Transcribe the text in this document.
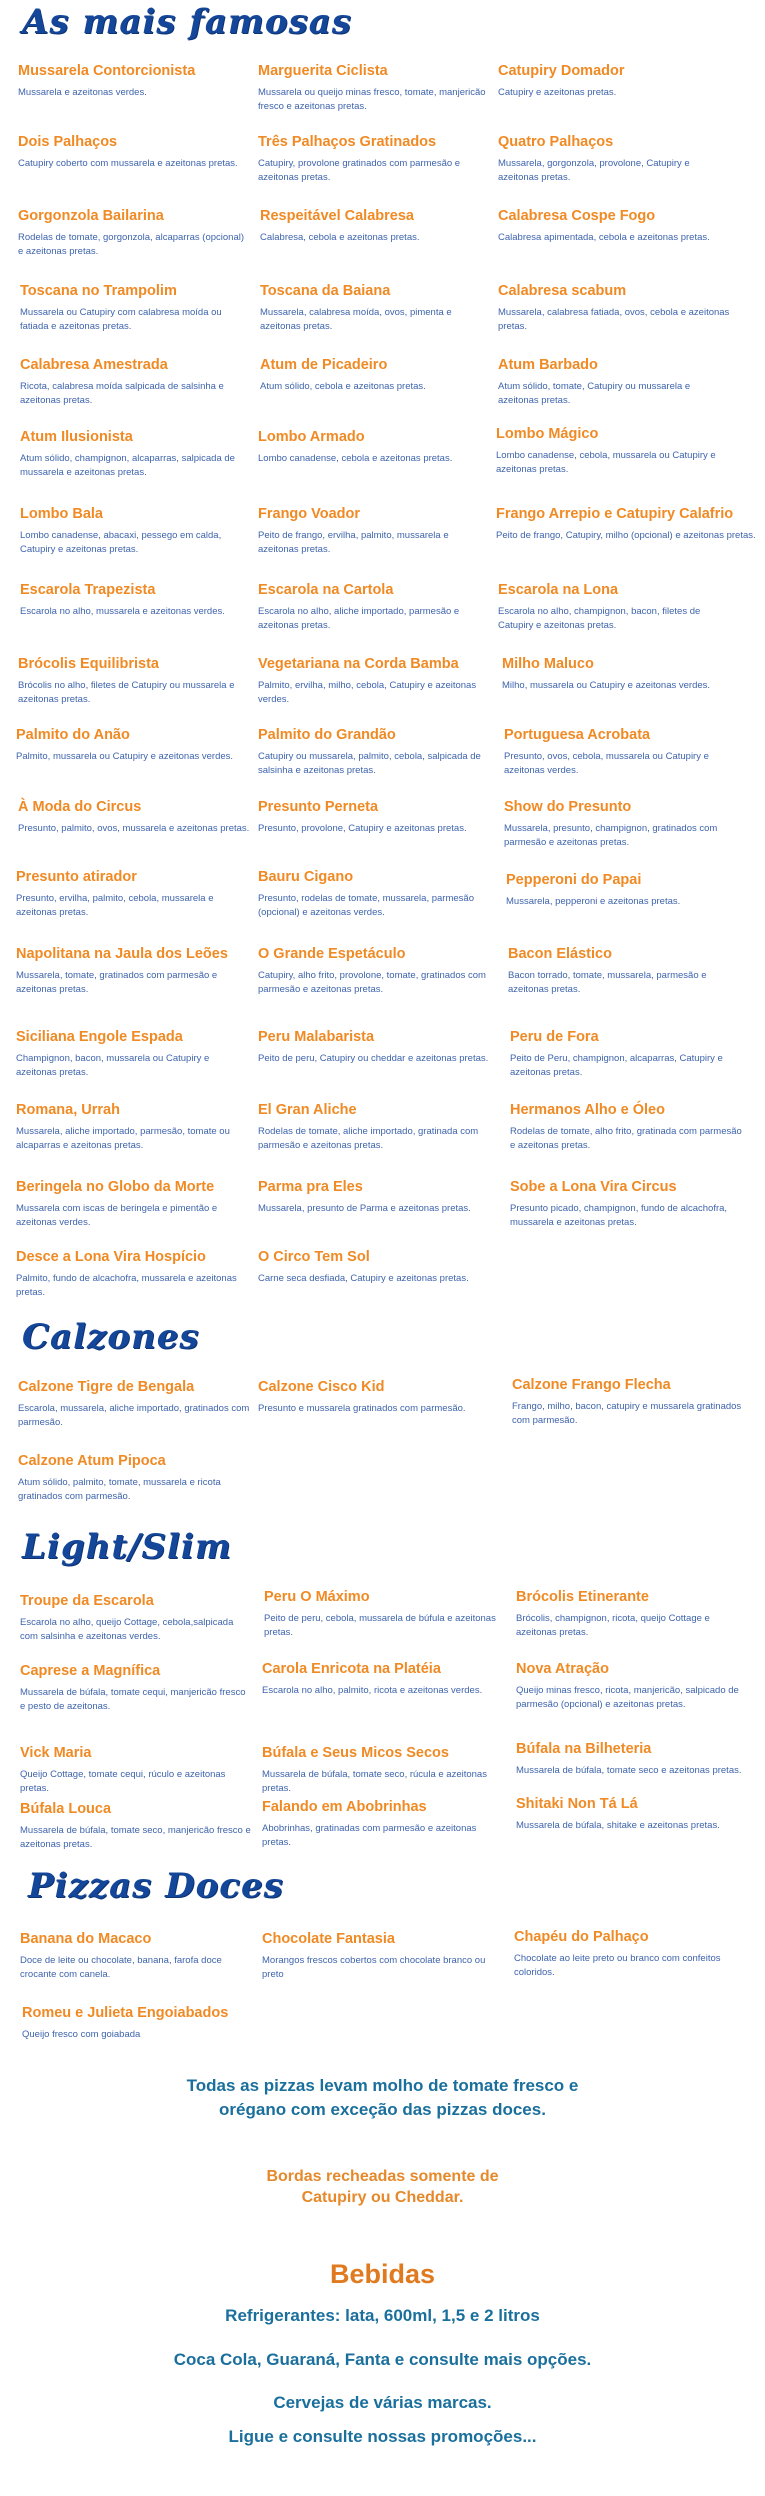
As mais famosas
Mussarela Contorcionista
Mussarela e azeitonas verdes.
Marguerita Ciclista
Mussarela ou queijo minas fresco, tomate, manjericão fresco e azeitonas pretas.
Catupiry Domador
Catupiry e azeitonas pretas.
Dois Palhaços
Catupiry coberto com mussarela e azeitonas pretas.
Três Palhaços Gratinados
Catupiry, provolone gratinados com parmesão e azeitonas pretas.
Quatro Palhaços
Mussarela, gorgonzola, provolone, Catupiry e azeitonas pretas.
Gorgonzola Bailarina
Rodelas de tomate, gorgonzola, alcaparras (opcional) e azeitonas pretas.
Respeitável Calabresa
Calabresa, cebola e azeitonas pretas.
Calabresa Cospe Fogo
Calabresa apimentada, cebola e azeitonas pretas.
Toscana no Trampolim
Mussarela ou Catupiry com calabresa moída ou fatiada e azeitonas pretas.
Toscana da Baiana
Mussarela, calabresa moída, ovos, pimenta e azeitonas pretas.
Calabresa scabum
Mussarela, calabresa fatiada, ovos, cebola e azeitonas pretas.
Calabresa Amestrada
Ricota, calabresa moída salpicada de salsinha e azeitonas pretas.
Atum de Picadeiro
Atum sólido, cebola e azeitonas pretas.
Atum Barbado
Atum sólido, tomate, Catupiry ou mussarela e azeitonas pretas.
Atum Ilusionista
Atum sólido, champignon, alcaparras, salpicada de mussarela e azeitonas pretas.
Lombo Armado
Lombo canadense, cebola e azeitonas pretas.
Lombo Mágico
Lombo canadense, cebola, mussarela ou Catupiry e azeitonas pretas.
Lombo Bala
Lombo canadense, abacaxi, pessego em calda, Catupiry e azeitonas pretas.
Frango Voador
Peito de frango, ervilha, palmito, mussarela e azeitonas pretas.
Frango Arrepio e Catupiry Calafrio
Peito de frango, Catupiry, milho (opcional) e azeitonas pretas.
Escarola Trapezista
Escarola no alho, mussarela e azeitonas verdes.
Escarola na Cartola
Escarola no alho, aliche importado, parmesão e azeitonas pretas.
Escarola na Lona
Escarola no alho, champignon, bacon, filetes de Catupiry e azeitonas pretas.
Brócolis Equilibrista
Brócolis no alho, filetes de Catupiry ou mussarela e azeitonas pretas.
Vegetariana na Corda Bamba
Palmito, ervilha, milho, cebola, Catupiry e azeitonas verdes.
Milho Maluco
Milho, mussarela ou Catupiry e azeitonas verdes.
Palmito do Anão
Palmito, mussarela ou Catupiry e azeitonas verdes.
Palmito do Grandão
Catupiry ou mussarela, palmito, cebola, salpicada de salsinha e azeitonas pretas.
Portuguesa Acrobata
Presunto, ovos, cebola, mussarela ou Catupiry e azeitonas verdes.
À Moda do Circus
Presunto, palmito, ovos, mussarela e azeitonas pretas.
Presunto Perneta
Presunto, provolone, Catupiry e azeitonas pretas.
Show do Presunto
Mussarela, presunto, champignon, gratinados com parmesão e azeitonas pretas.
Presunto atirador
Presunto, ervilha, palmito, cebola, mussarela e azeitonas pretas.
Bauru Cigano
Presunto, rodelas de tomate, mussarela, parmesão (opcional) e azeitonas verdes.
Pepperoni do Papai
Mussarela, pepperoni e azeitonas pretas.
Napolitana na Jaula dos Leões
Mussarela, tomate, gratinados com parmesão e azeitonas pretas.
O Grande Espetáculo
Catupiry, alho frito, provolone, tomate, gratinados com parmesão e azeitonas pretas.
Bacon Elástico
Bacon torrado, tomate, mussarela, parmesão e azeitonas pretas.
Siciliana Engole Espada
Champignon, bacon, mussarela ou Catupiry e azeitonas pretas.
Peru Malabarista
Peito de peru, Catupiry ou cheddar e azeitonas pretas.
Peru de Fora
Peito de Peru, champignon, alcaparras, Catupiry e azeitonas pretas.
Romana, Urrah
Mussarela, aliche importado, parmesão, tomate ou alcaparras e azeitonas pretas.
El Gran Aliche
Rodelas de tomate, aliche importado, gratinada com parmesão e azeitonas pretas.
Hermanos Alho e Óleo
Rodelas de tomate, alho frito, gratinada com parmesão e azeitonas pretas.
Beringela no Globo da Morte
Mussarela com iscas de beringela e pimentão e azeitonas verdes.
Parma pra Eles
Mussarela, presunto de Parma e azeitonas pretas.
Sobe a Lona Vira Circus
Presunto picado, champignon, fundo de alcachofra, mussarela e azeitonas pretas.
Desce a Lona Vira Hospício
Palmito, fundo de alcachofra, mussarela e azeitonas pretas.
O Circo Tem Sol
Carne seca desfiada, Catupiry e azeitonas pretas.
Calzones
Calzone Tigre de Bengala
Escarola, mussarela, aliche importado, gratinados com parmesão.
Calzone Cisco Kid
Presunto e mussarela gratinados com parmesão.
Calzone Frango Flecha
Frango, milho, bacon, catupiry e mussarela gratinados com parmesão.
Calzone Atum Pipoca
Atum sólido, palmito, tomate, mussarela e ricota gratinados com parmesão.
Light/Slim
Troupe da Escarola
Escarola no alho, queijo Cottage, cebola,salpicada com salsinha e azeitonas verdes.
Peru O Máximo
Peito de peru, cebola, mussarela de búfula e azeitonas pretas.
Brócolis Etinerante
Brócolis, champignon, ricota, queijo Cottage e azeitonas pretas.
Caprese a Magnífica
Mussarela de búfala, tomate cequi, manjericão fresco e pesto de azeitonas.
Carola Enricota na Platéia
Escarola no alho, palmito, ricota e azeitonas verdes.
Nova Atração
Queijo minas fresco, ricota, manjericão, salpicado de parmesão (opcional) e azeitonas pretas.
Vick Maria
Queijo Cottage, tomate cequi, rúculo e azeitonas pretas.
Búfala e Seus Micos Secos
Mussarela de búfala, tomate seco, rúcula e azeitonas pretas.
Búfala na Bilheteria
Mussarela de búfala, tomate seco e azeitonas pretas.
Búfala Louca
Mussarela de búfala, tomate seco, manjericão fresco e azeitonas pretas.
Falando em Abobrinhas
Abobrinhas, gratinadas com parmesão e azeitonas pretas.
Shitaki Non Tá Lá
Mussarela de búfala, shitake e azeitonas pretas.
Pizzas Doces
Banana do Macaco
Doce de leite ou chocolate, banana, farofa doce crocante com canela.
Chocolate Fantasia
Morangos frescos cobertos com chocolate branco ou preto
Chapéu do Palhaço
Chocolate ao leite preto ou branco com confeitos coloridos.
Romeu e Julieta Engoiabados
Queijo fresco com goiabada

Todas as pizzas levam molho de tomate fresco e

orégano com exceção das pizzas doces.

Bordas recheadas somente de

Catupiry ou Cheddar.

Bebidas

Refrigerantes: lata, 600ml, 1,5 e 2 litros

Coca Cola, Guaraná, Fanta e consulte mais opções.

Cervejas de várias marcas.

Ligue e consulte nossas promoções...
